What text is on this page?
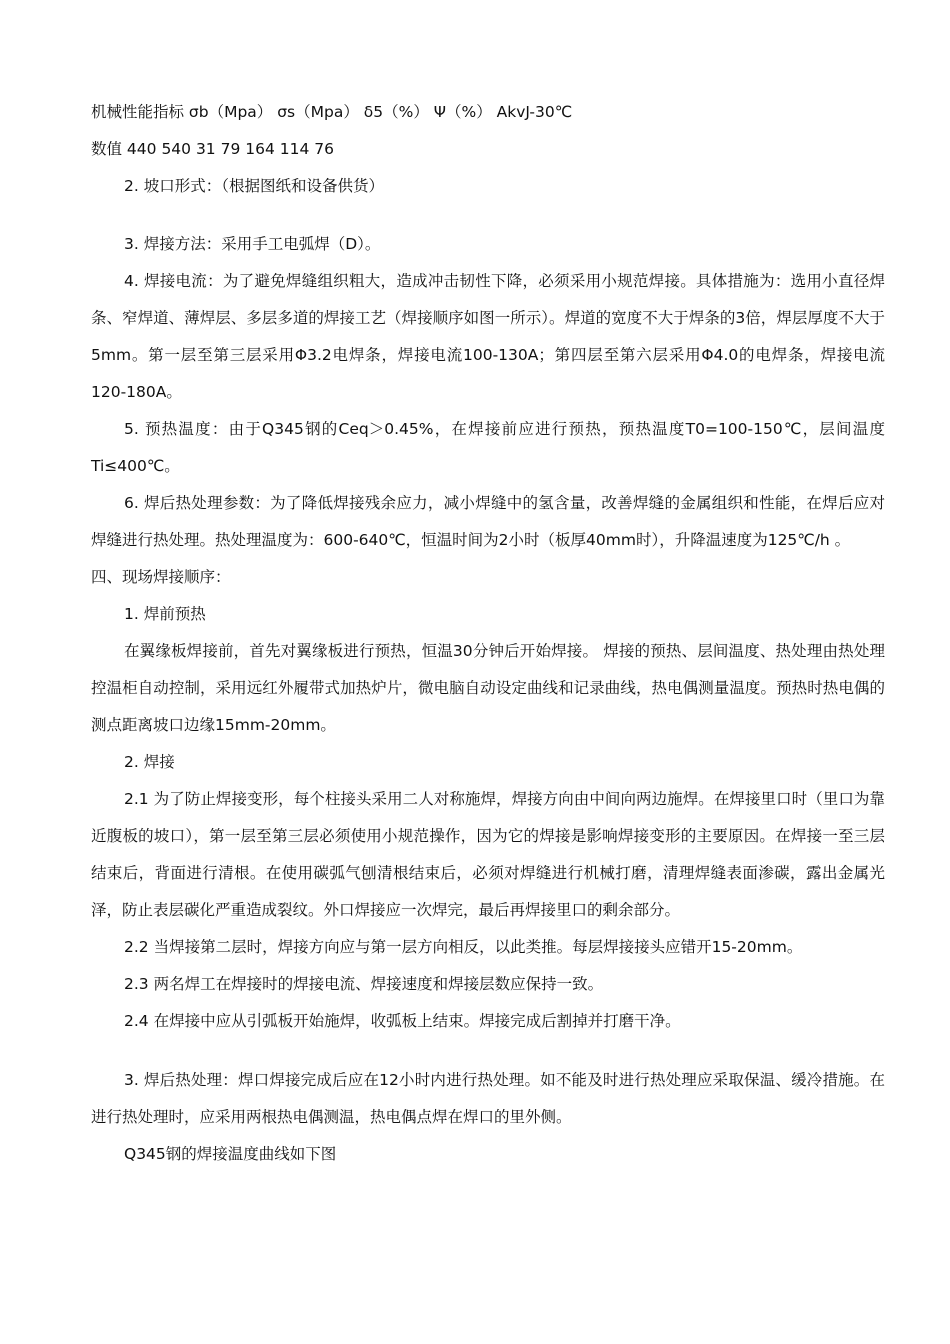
机械性能指标 σb（Mpa） σs（Mpa） δ5（%） Ψ（%） AkvJ-30℃

数值 440 540 31 79 164 114 76

2. 坡口形式：（根据图纸和设备供货）

3. 焊接方法：采用手工电弧焊（D）。

4. 焊接电流：为了避免焊缝组织粗大，造成冲击韧性下降，必须采用小规范焊接。具体措施为：选用小直径焊条、窄焊道、薄焊层、多层多道的焊接工艺（焊接顺序如图一所示）。焊道的宽度不大于焊条的3倍，焊层厚度不大于5mm。第一层至第三层采用Φ3.2电焊条，焊接电流100-130A；第四层至第六层采用Φ4.0的电焊条，焊接电流120-180A。

5. 预热温度：由于Q345钢的Ceq＞0.45%，在焊接前应进行预热，预热温度T0=100-150℃，层间温度Ti≤400℃。

6. 焊后热处理参数：为了降低焊接残余应力，减小焊缝中的氢含量，改善焊缝的金属组织和性能，在焊后应对焊缝进行热处理。热处理温度为：600-640℃，恒温时间为2小时（板厚40mm时），升降温速度为125℃/h 。

四、现场焊接顺序：

1. 焊前预热

在翼缘板焊接前，首先对翼缘板进行预热，恒温30分钟后开始焊接。 焊接的预热、层间温度、热处理由热处理控温柜自动控制，采用远红外履带式加热炉片，微电脑自动设定曲线和记录曲线，热电偶测量温度。预热时热电偶的测点距离坡口边缘15mm-20mm。

2. 焊接

2.1 为了防止焊接变形，每个柱接头采用二人对称施焊，焊接方向由中间向两边施焊。在焊接里口时（里口为靠近腹板的坡口），第一层至第三层必须使用小规范操作，因为它的焊接是影响焊接变形的主要原因。在焊接一至三层结束后，背面进行清根。在使用碳弧气刨清根结束后，必须对焊缝进行机械打磨，清理焊缝表面渗碳，露出金属光泽，防止表层碳化严重造成裂纹。外口焊接应一次焊完，最后再焊接里口的剩余部分。

2.2 当焊接第二层时，焊接方向应与第一层方向相反，以此类推。每层焊接接头应错开15-20mm。

2.3 两名焊工在焊接时的焊接电流、焊接速度和焊接层数应保持一致。

2.4 在焊接中应从引弧板开始施焊，收弧板上结束。焊接完成后割掉并打磨干净。

3. 焊后热处理：焊口焊接完成后应在12小时内进行热处理。如不能及时进行热处理应采取保温、缓冷措施。在进行热处理时，应采用两根热电偶测温，热电偶点焊在焊口的里外侧。

Q345钢的焊接温度曲线如下图
